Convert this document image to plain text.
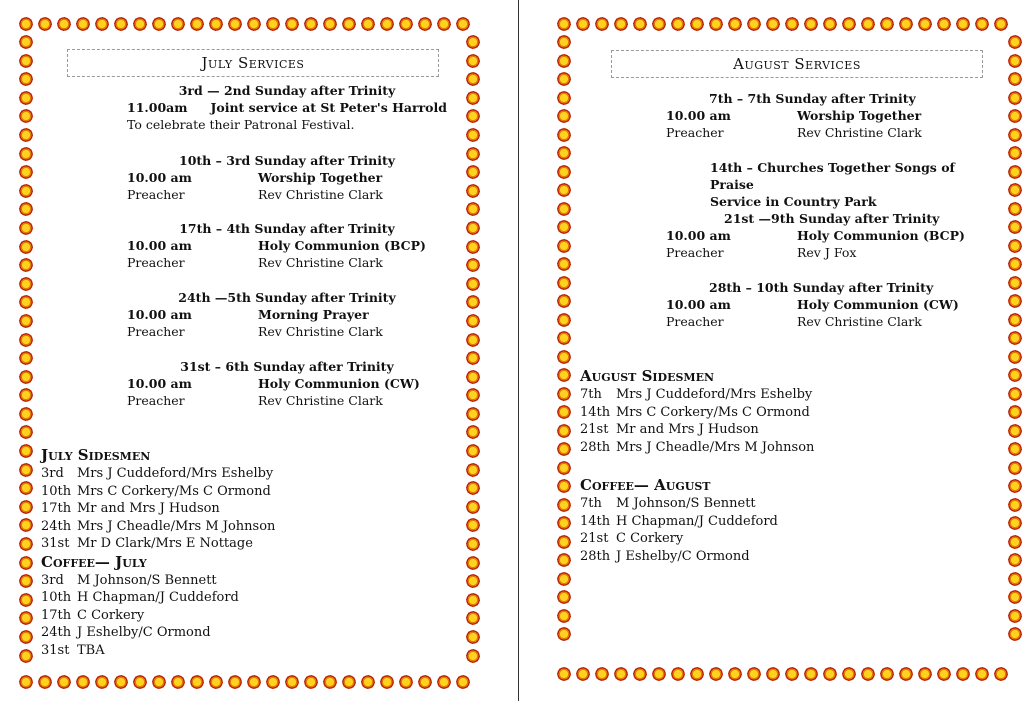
July Services
3rd — 2nd Sunday after Trinity
11.00am	Joint service at St Peter's Harrold
To celebrate their Patronal Festival.
10th – 3rd Sunday after Trinity
10.00 am	Worship Together
Preacher	Rev Christine Clark
17th – 4th Sunday after Trinity
10.00 am	Holy Communion (BCP)
Preacher	Rev Christine Clark
24th —5th Sunday after Trinity
10.00 am	Morning Prayer
Preacher	Rev Christine Clark
31st – 6th Sunday after Trinity
10.00 am	Holy Communion (CW)
Preacher	Rev Christine Clark
July Sidesmen
3rd	Mrs J Cuddeford/Mrs Eshelby
10th Mrs C Corkery/Ms C Ormond
17th Mr and Mrs J Hudson
24th Mrs J Cheadle/Mrs M Johnson
31st Mr D Clark/Mrs E Nottage
Coffee— July
3rd	M Johnson/S Bennett
10th H Chapman/J Cuddeford
17th C Corkery
24th J Eshelby/C Ormond
31st TBA
August Services
7th – 7th Sunday after Trinity
10.00 am	Worship Together
Preacher	Rev Christine Clark
14th – Churches Together Songs of Praise
Service in Country Park
21st —9th Sunday after Trinity
10.00 am	Holy Communion (BCP)
Preacher	Rev J Fox
28th – 10th Sunday after Trinity
10.00 am	Holy Communion (CW)
Preacher	Rev Christine Clark
August Sidesmen
7th	Mrs J Cuddeford/Mrs Eshelby
14th Mrs C Corkery/Ms C Ormond
21st Mr and Mrs J Hudson
28th Mrs J Cheadle/Mrs M Johnson
Coffee— August
7th	M Johnson/S Bennett
14th H Chapman/J Cuddeford
21st C Corkery
28th J Eshelby/C Ormond
